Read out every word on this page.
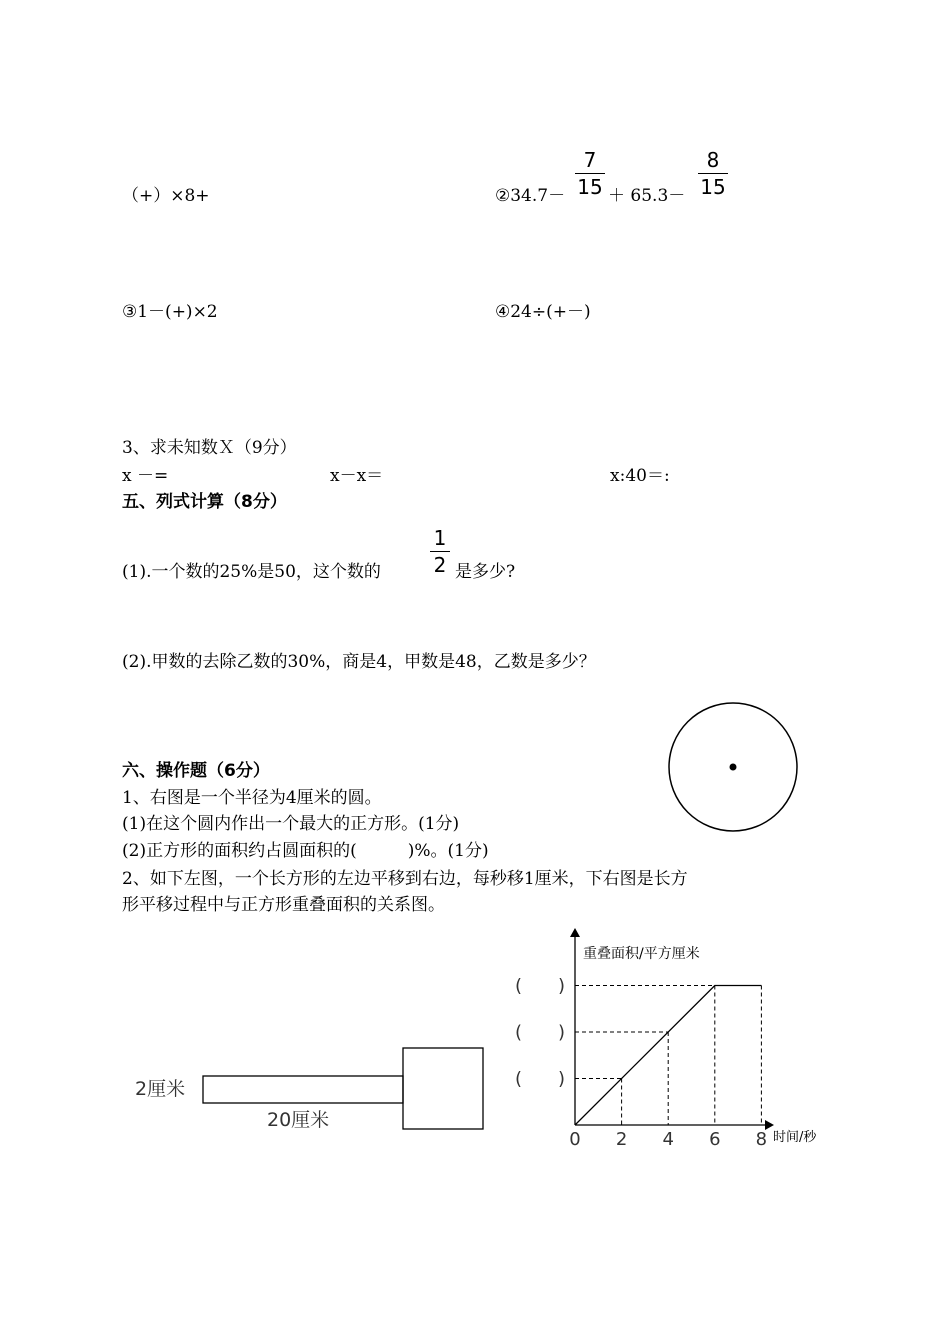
（+）×8+	②34.7－
7
15 ＋ 65.3－
8
15
③1－(+)×2	④24÷(+－)
3、求未知数Ｘ（9分）
x －=	x－x＝	x:40＝:
五、列式计算（8分）
(1).一个数的25%是50，这个数的
1
2 是多少?
(2).甲数的去除乙数的30%，商是4，甲数是48，乙数是多少？
六、操作题（6分）
1、右图是一个半径为4厘米的圆。
(1)在这个圆内作出一个最大的正方形。(1分)
(2)正方形的面积约占圆面积的(　　　)%。(1分)
2、如下左图，一个长方形的左边平移到右边，每秒移1厘米，下右图是长方
形平移过程中与正方形重叠面积的关系图。
2厘米
20厘米
重叠面积/平方厘米
时间/秒
0 2 4 6 8
(　　)
(　　)
(　　)
